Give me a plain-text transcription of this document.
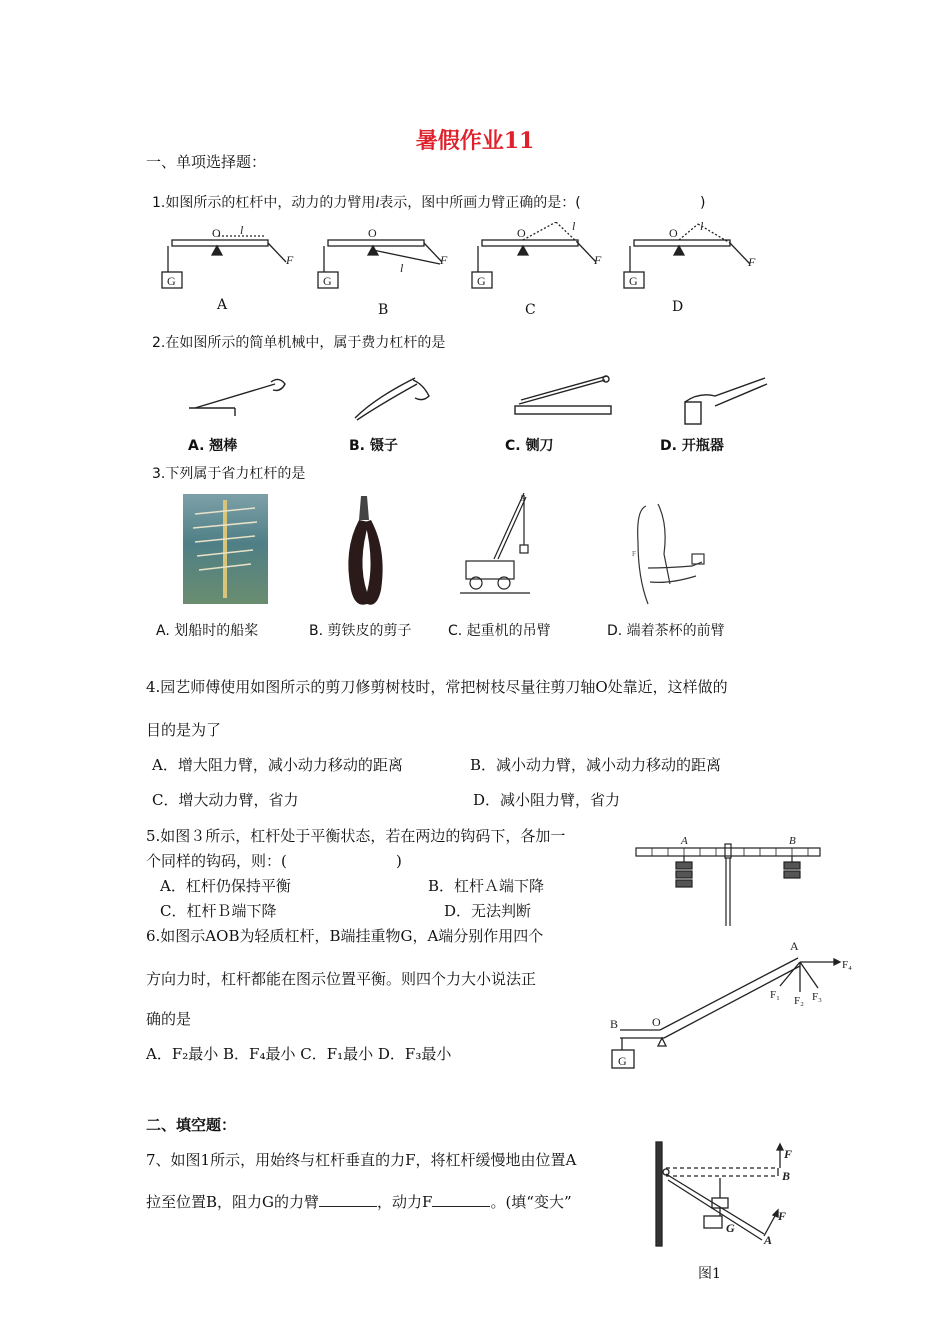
暑假作业11
一、单项选择题：
1.如图所示的杠杆中，动力的力臂用l表示，图中所画力臂正确的是：(	)
O l
G
F
O
l
G
F
O	l
G
F
O l
G
F
A	B	C	D
2.在如图所示的简单机械中，属于费力杠杆的是
A. 翘棒	B. 镊子	C. 铡刀	D. 开瓶器
3.下列属于省力杠杆的是
B
F
A. 划船时的船桨	B. 剪铁皮的剪子	C. 起重机的吊臂	D. 端着茶杯的前臂
4.园艺师傅使用如图所示的剪刀修剪树枝时，常把树枝尽量往剪刀轴O处靠近，这样做的
目的是为了
A．增大阻力臂，减小动力移动的距离	B．减小动力臂，减小动力移动的距离
C．增大动力臂，省力	D．减小阻力臂，省力
5.如图３所示，杠杆处于平衡状态，若在两边的钩码下，各加一
个同样的钩码，则：(	)
A．杠杆仍保持平衡	B．杠杆Ａ端下降
C．杠杆Ｂ端下降	D．无法判断
A	B
6.如图示AOB为轻质杠杆，B端挂重物G，A端分别作用四个
方向力时，杠杆都能在图示位置平衡。则四个力大小说法正
确的是
A．F₂最小 B．F₄最小 C．F₁最小 D．F₃最小
A
B	O
G
F₁ F₂ F₃
F₄
二、填空题：
7、如图1所示，用始终与杠杆垂直的力F，将杠杆缓慢地由位置A
拉至位置B，阻力G的力臂	，动力F	。(填“变大”
F
B
F
A
G
图1
